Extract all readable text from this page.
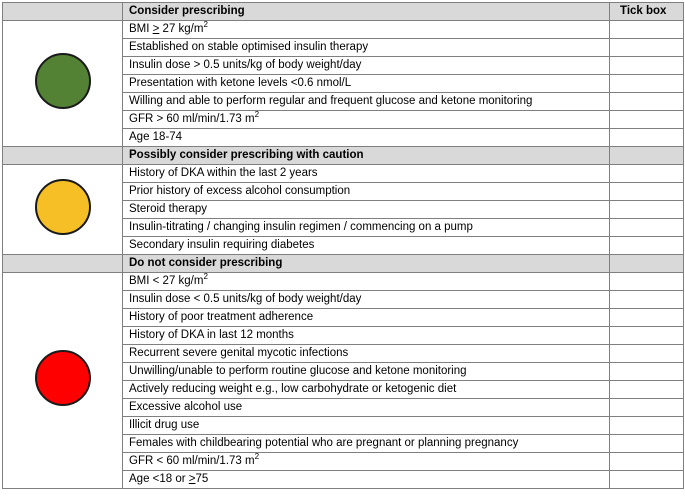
	Consider prescribing	Tick box
	BMI > 27 $kg/m^2$	
	Established on stable optimised insulin therapy	
	Insulin dose > 0.5 units/kg of body weight/day	
	Presentation with ketone levels <0.6 nmol/L	
	Willing and able to perform regular and frequent glucose and ketone monitoring	
	GFR > 60 ml/min/1.73 $m^2$	
	Age 18-74	
	Possibly consider prescribing with caution	
	History of DKA within the last 2 years	
	Prior history of excess alcohol consumption	
	Steroid therapy	
	Insulin-titrating / changing insulin regimen / commencing on a pump	
	Secondary insulin requiring diabetes	
	Do not consider prescribing	
	BMI < 27 $kg/m^2$	
	Insulin dose < 0.5 units/kg of body weight/day	
	History of poor treatment adherence	
	History of DKA in last 12 months	
	Recurrent severe genital mycotic infections	
	Unwilling/unable to perform routine glucose and ketone monitoring	
	Actively reducing weight e.g., low carbohydrate or ketogenic diet	
	Excessive alcohol use	
	Illicit drug use	
	Females with childbearing potential who are pregnant or planning pregnancy	
	GFR < 60 ml/min/1.73 $m^2$	
	Age <18 or >75	
